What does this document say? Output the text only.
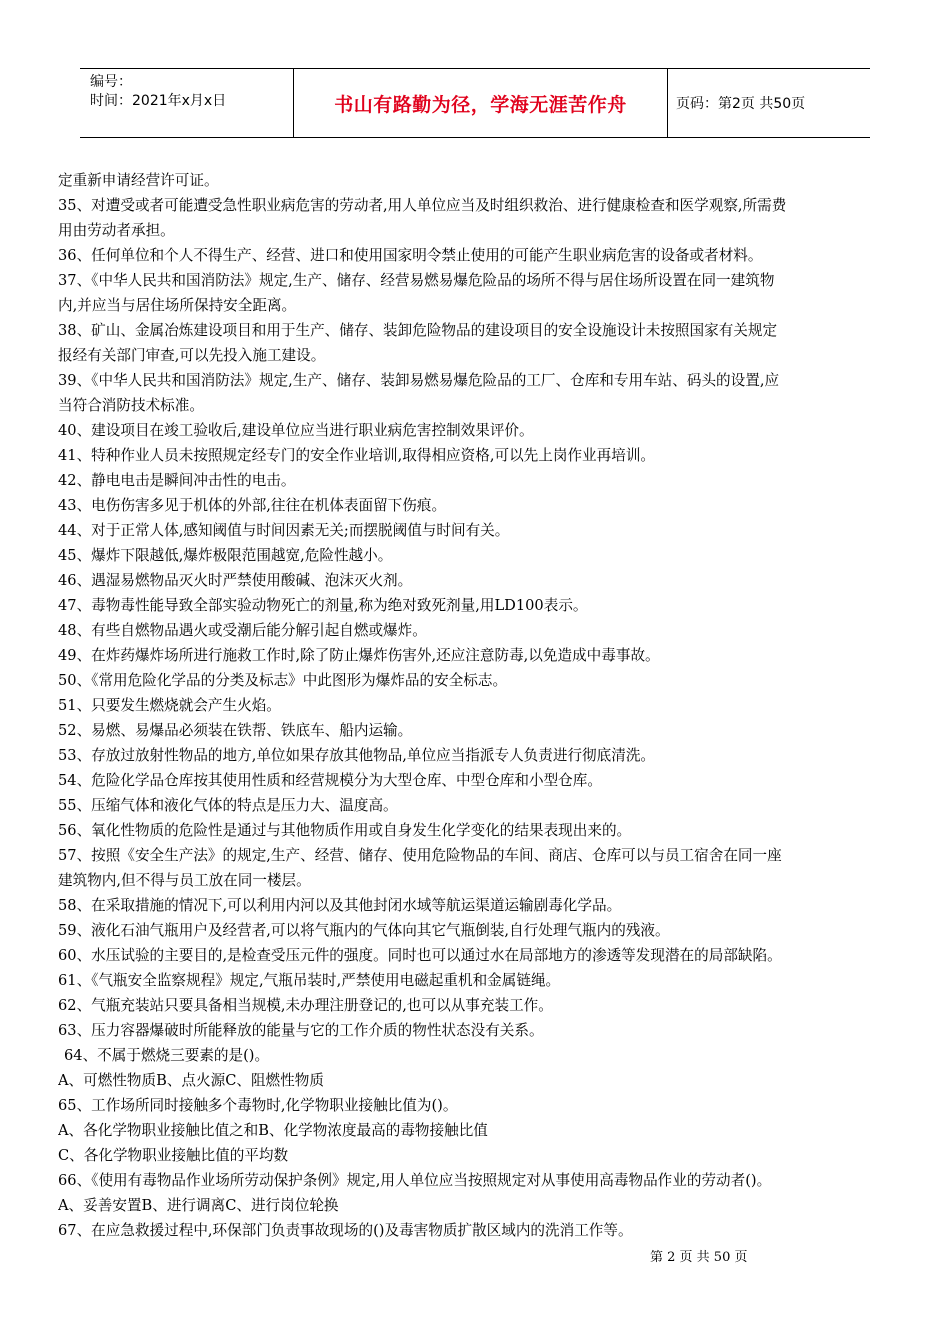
编号：
时间：2021年x月x日	书山有路勤为径，学海无涯苦作舟	页码：第2页 共50页
定重新申请经营许可证。
35、对遭受或者可能遭受急性职业病危害的劳动者,用人单位应当及时组织救治、进行健康检查和医学观察,所需费
用由劳动者承担。
36、任何单位和个人不得生产、经营、进口和使用国家明令禁止使用的可能产生职业病危害的设备或者材料。
37、《中华人民共和国消防法》规定,生产、储存、经营易燃易爆危险品的场所不得与居住场所设置在同一建筑物
内,并应当与居住场所保持安全距离。
38、矿山、金属冶炼建设项目和用于生产、储存、装卸危险物品的建设项目的安全设施设计未按照国家有关规定
报经有关部门审查,可以先投入施工建设。
39、《中华人民共和国消防法》规定,生产、储存、装卸易燃易爆危险品的工厂、仓库和专用车站、码头的设置,应
当符合消防技术标准。
40、建设项目在竣工验收后,建设单位应当进行职业病危害控制效果评价。
41、特种作业人员未按照规定经专门的安全作业培训,取得相应资格,可以先上岗作业再培训。
42、静电电击是瞬间冲击性的电击。
43、电伤伤害多见于机体的外部,往往在机体表面留下伤痕。
44、对于正常人体,感知阈值与时间因素无关;而摆脱阈值与时间有关。
45、爆炸下限越低,爆炸极限范围越宽,危险性越小。
46、遇湿易燃物品灭火时严禁使用酸碱、泡沫灭火剂。
47、毒物毒性能导致全部实验动物死亡的剂量,称为绝对致死剂量,用LD100表示。
48、有些自燃物品遇火或受潮后能分解引起自燃或爆炸。
49、在炸药爆炸场所进行施救工作时,除了防止爆炸伤害外,还应注意防毒,以免造成中毒事故。
50、《常用危险化学品的分类及标志》中此图形为爆炸品的安全标志。
51、只要发生燃烧就会产生火焰。
52、易燃、易爆品必须装在铁帮、铁底车、船内运输。
53、存放过放射性物品的地方,单位如果存放其他物品,单位应当指派专人负责进行彻底清洗。
54、危险化学品仓库按其使用性质和经营规模分为大型仓库、中型仓库和小型仓库。
55、压缩气体和液化气体的特点是压力大、温度高。
56、氧化性物质的危险性是通过与其他物质作用或自身发生化学变化的结果表现出来的。
57、按照《安全生产法》的规定,生产、经营、储存、使用危险物品的车间、商店、仓库可以与员工宿舍在同一座
建筑物内,但不得与员工放在同一楼层。
58、在采取措施的情况下,可以利用内河以及其他封闭水域等航运渠道运输剧毒化学品。
59、液化石油气瓶用户及经营者,可以将气瓶内的气体向其它气瓶倒装,自行处理气瓶内的残液。
60、水压试验的主要目的,是检查受压元件的强度。同时也可以通过水在局部地方的渗透等发现潜在的局部缺陷。
61、《气瓶安全监察规程》规定,气瓶吊装时,严禁使用电磁起重机和金属链绳。
62、气瓶充装站只要具备相当规模,未办理注册登记的,也可以从事充装工作。
63、压力容器爆破时所能释放的能量与它的工作介质的物性状态没有关系。
64、不属于燃烧三要素的是()。
A、可燃性物质B、点火源C、阻燃性物质
65、工作场所同时接触多个毒物时,化学物职业接触比值为()。
A、各化学物职业接触比值之和B、化学物浓度最高的毒物接触比值
C、各化学物职业接触比值的平均数
66、《使用有毒物品作业场所劳动保护条例》规定,用人单位应当按照规定对从事使用高毒物品作业的劳动者()。
A、妥善安置B、进行调离C、进行岗位轮换
67、在应急救援过程中,环保部门负责事故现场的()及毒害物质扩散区域内的洗消工作等。
第 2 页 共 50 页
